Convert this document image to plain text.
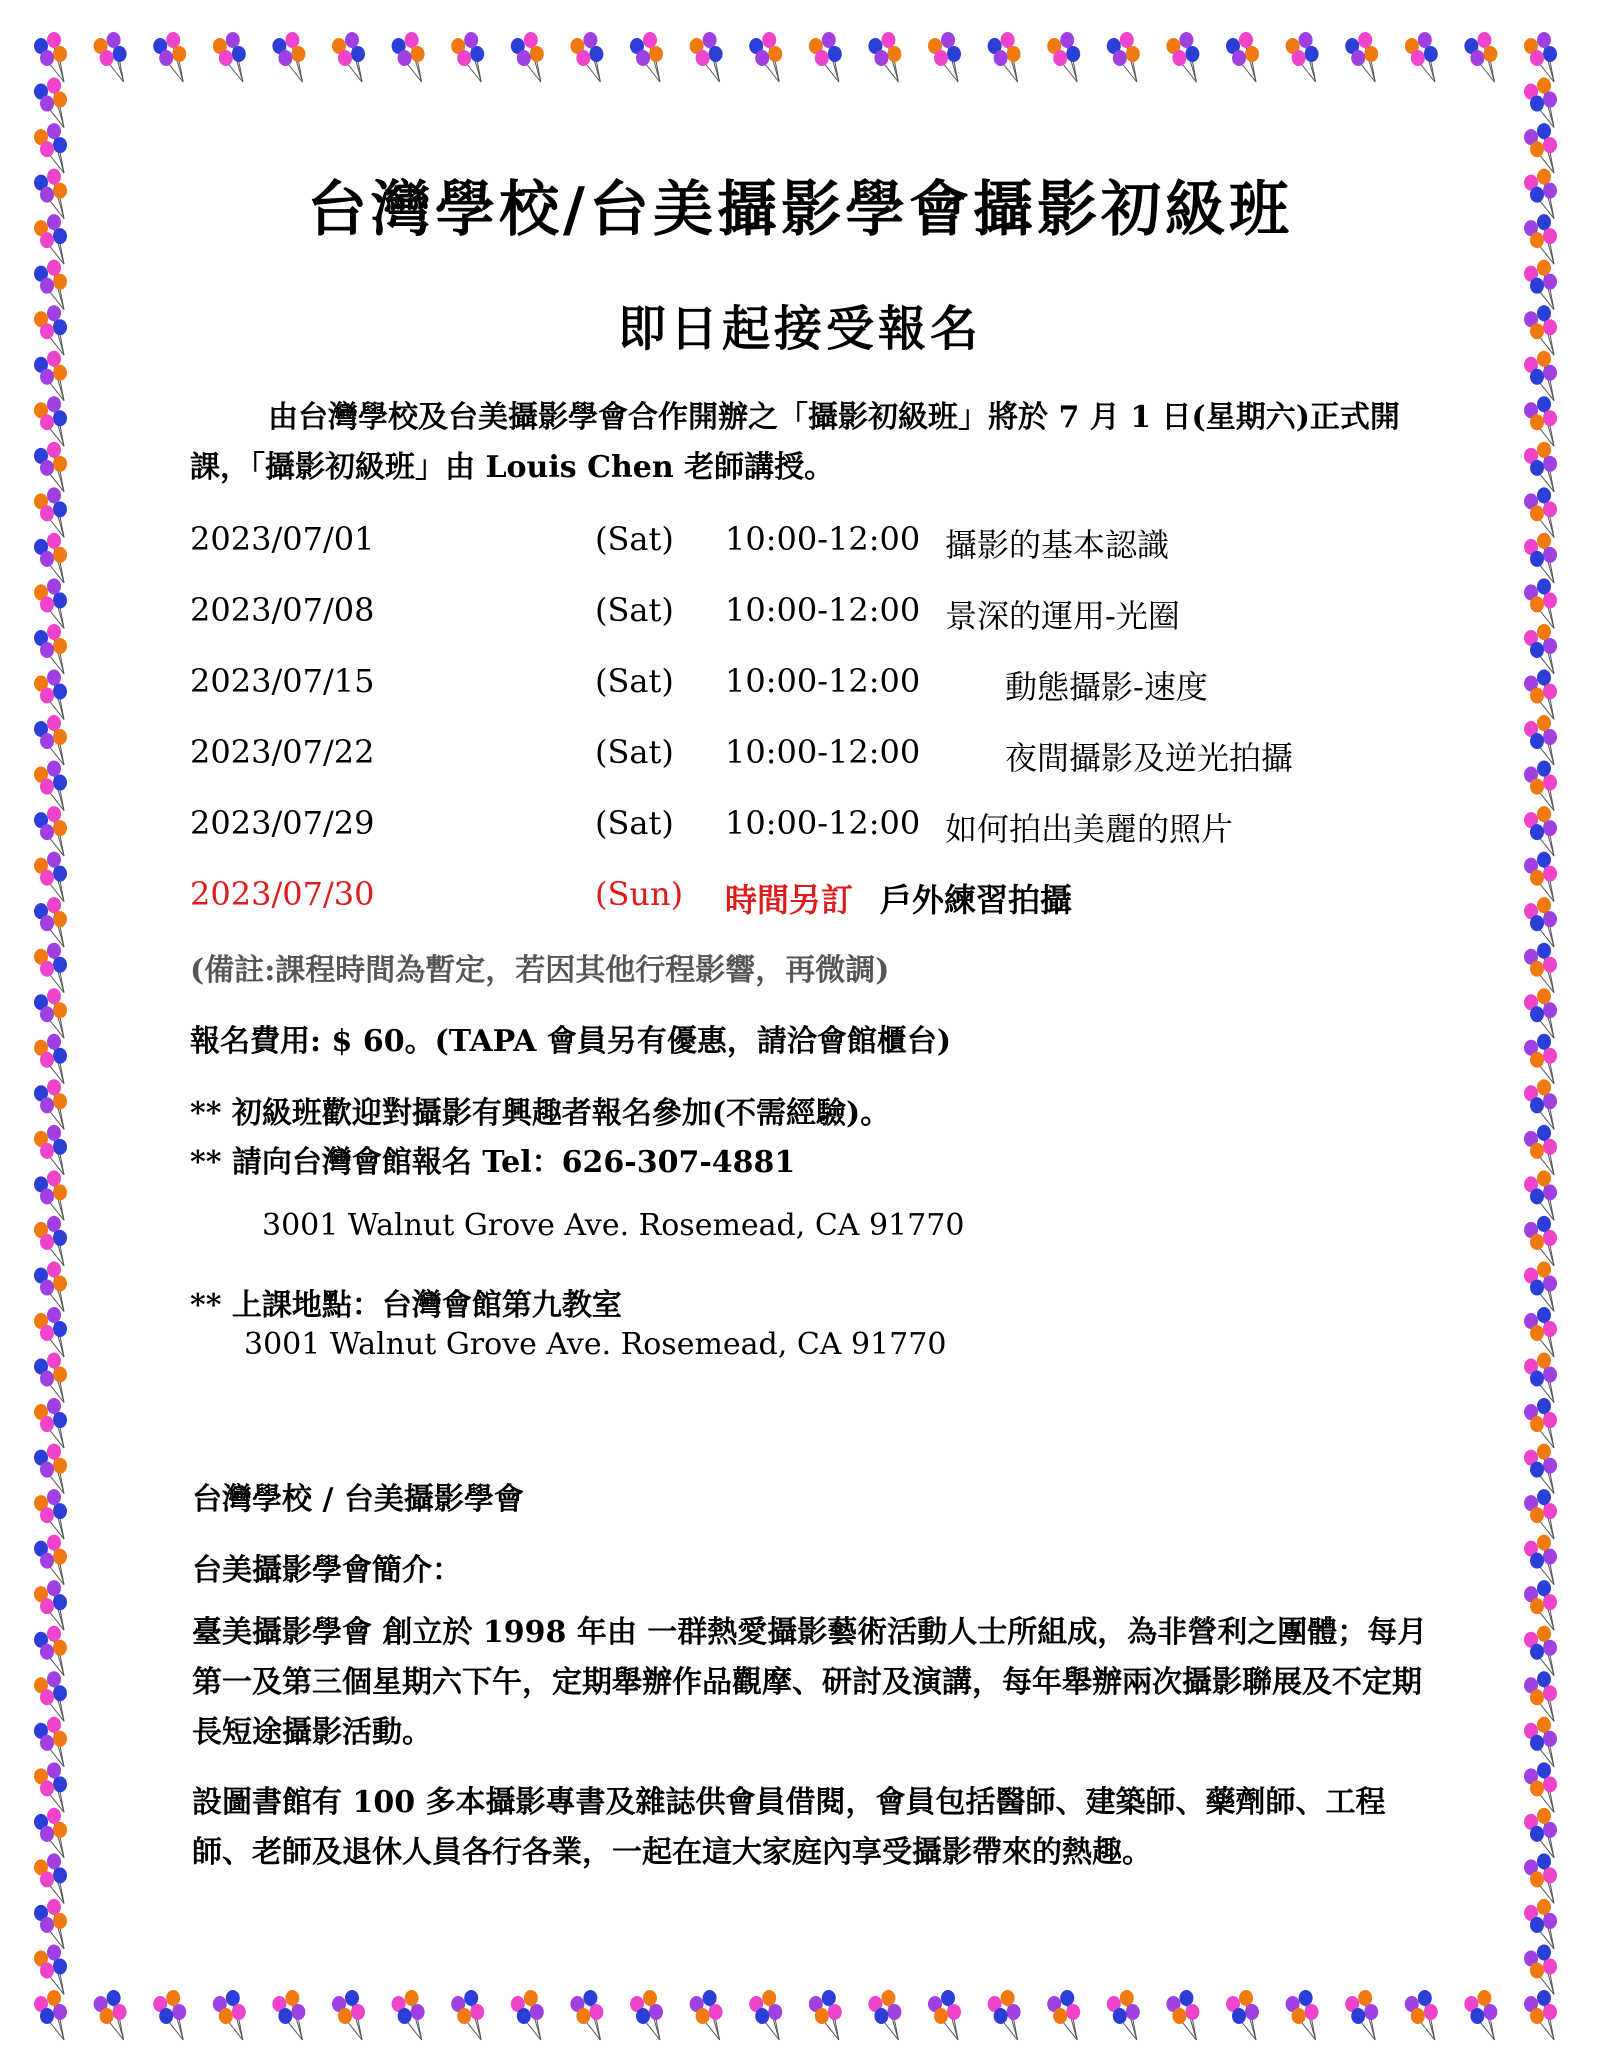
台灣學校/台美攝影學會攝影初級班
即日起接受報名

由台灣學校及台美攝影學會合作開辦之「攝影初級班」將於 7 月 1 日(星期六)正式開課，「攝影初級班」由 Louis Chen 老師講授。

2023/07/01	(Sat) 10:00-12:00 攝影的基本認識
2023/07/08	(Sat) 10:00-12:00 景深的運用-光圈
2023/07/15	(Sat) 10:00-12:00	動態攝影-速度
2023/07/22	(Sat) 10:00-12:00	夜間攝影及逆光拍攝
2023/07/29	(Sat) 10:00-12:00 如何拍出美麗的照片
2023/07/30	(Sun) 時間另訂 戶外練習拍攝
(備註:課程時間為暫定，若因其他行程影響，再微調)
報名費用: $ 60。(TAPA 會員另有優惠，請洽會館櫃台)
** 初級班歡迎對攝影有興趣者報名參加(不需經驗)。
** 請向台灣會館報名 Tel：626-307-4881
3001 Walnut Grove Ave. Rosemead, CA 91770
** 上課地點：台灣會館第九教室
3001 Walnut Grove Ave. Rosemead, CA 91770
台灣學校 / 台美攝影學會
台美攝影學會簡介：

臺美攝影學會 創立於 1998 年由 一群熱愛攝影藝術活動人士所組成，為非營利之團體；每月第一及第三個星期六下午，定期舉辦作品觀摩、研討及演講，每年舉辦兩次攝影聯展及不定期長短途攝影活動。

設圖書館有 100 多本攝影專書及雜誌供會員借閱，會員包括醫師、建築師、藥劑師、工程師、老師及退休人員各行各業，一起在這大家庭內享受攝影帶來的熱趣。
